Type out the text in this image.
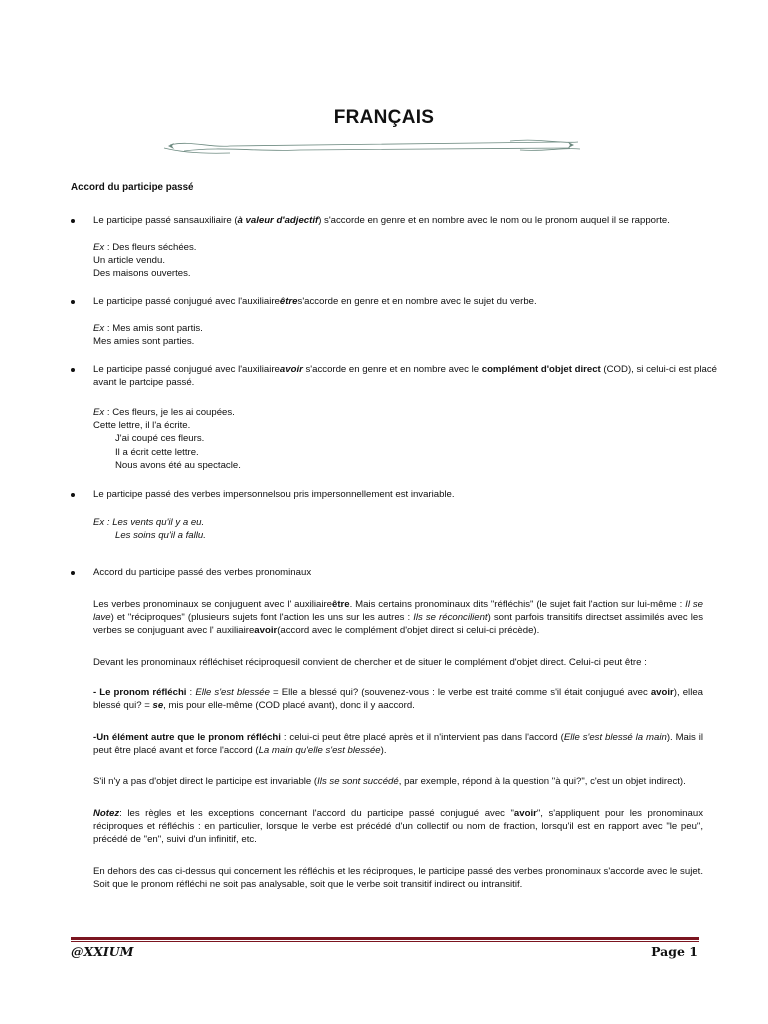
FRANÇAIS
Accord du participe passé
Le participe passé sansauxiliaire (à valeur d'adjectif) s'accorde en genre et en nombre avec le nom ou le pronom auquel il se rapporte.
Ex : Des fleurs séchées.
Un article vendu.
Des maisons ouvertes.
Le participe passé conjugué avec l'auxiliaireêtres'accorde en genre et en nombre avec le sujet du verbe.
Ex : Mes amis sont partis.
Mes amies sont parties.
Le participe passé conjugué avec l'auxiliaireavoir s'accorde en genre et en nombre avec le complément d'objet direct (COD), si celui-ci est placé
avant le partcipe passé.
Ex : Ces fleurs, je les ai coupées.
Cette lettre, il l'a écrite.
J'ai coupé ces fleurs.
Il a écrit cette lettre.
Nous avons été au spectacle.
Le participe passé des verbes impersonnelsou pris impersonnellement est invariable.
Ex : Les vents qu'il y a eu.
Les soins qu'il a fallu.
Accord du participe passé des verbes pronominaux
Les verbes pronominaux se conjuguent avec l' auxiliaireêtre. Mais certains pronominaux dits "réfléchis" (le sujet fait l'action sur lui-même : Il se lave) et "réciproques" (plusieurs sujets font l'action les uns sur les autres : Ils se réconcilient) sont parfois transitifs directset assimilés avec les verbes se conjuguant avec l' auxiliaireavoir(accord avec le complément d'objet direct si celui-ci précède).
Devant les pronominaux réfléchiset réciproquesil convient de chercher et de situer le complément d'objet direct. Celui-ci peut être :
- Le pronom réfléchi : Elle s'est blessée = Elle a blessé qui? (souvenez-vous : le verbe est traité comme s'il était conjugué avec avoir), ellea blessé qui? = se, mis pour elle-même (COD placé avant), donc il y aaccord.
-Un élément autre que le pronom réfléchi : celui-ci peut être placé après et il n'intervient pas dans l'accord (Elle s'est blessé la main). Mais il peut être placé avant et force l'accord (La main qu'elle s'est blessée).
S'il n'y a pas d'objet direct le participe est invariable (Ils se sont succédé, par exemple, répond à la question "à qui?", c'est un objet indirect).
Notez: les règles et les exceptions concernant l'accord du participe passé conjugué avec "avoir", s'appliquent pour les pronominaux réciproques et réfléchis : en particulier, lorsque le verbe est précédé d'un collectif ou nom de fraction, lorsqu'il est en rapport avec "le peu", précédé de "en", suivi d'un infinitif, etc.
En dehors des cas ci-dessus qui concernent les réfléchis et les réciproques, le participe passé des verbes pronominaux s'accorde avec le sujet. Soit que le pronom réfléchi ne soit pas analysable, soit que le verbe soit transitif indirect ou intransitif.
@XXIUM	Page 1
